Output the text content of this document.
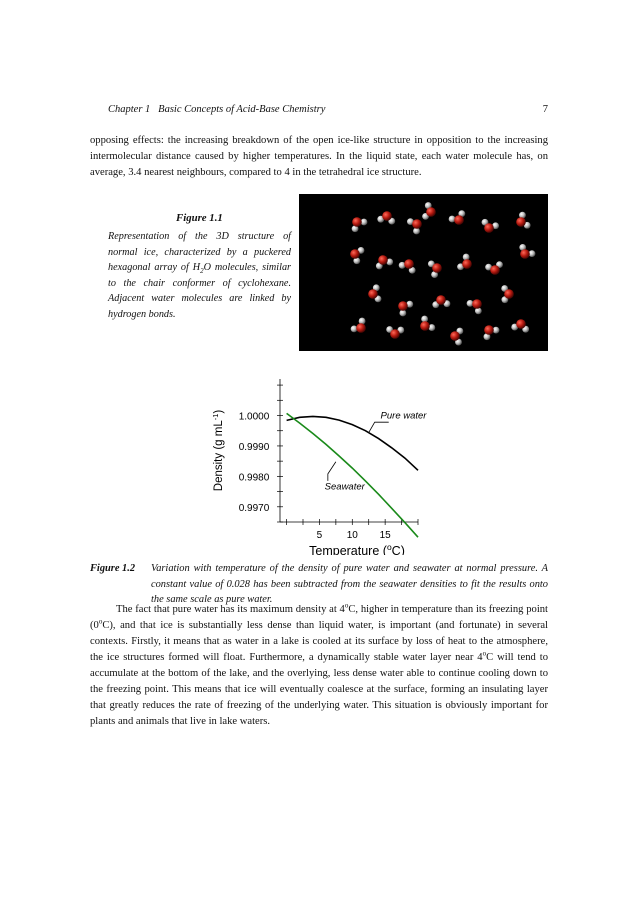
Chapter 1   Basic Concepts of Acid-Base Chemistry	7
opposing effects: the increasing breakdown of the open ice-like structure in opposition to the increasing intermolecular distance caused by higher temperatures. In the liquid state, each water molecule has, on average, 3.4 nearest neighbours, compared to 4 in the tetrahedral ice structure.
Figure 1.1
Representation of the 3D structure of normal ice, characterized by a puckered hexagonal array of $H_2O$ molecules, similar to the chair conformer of cyclohexane. Adjacent water molecules are linked by hydrogen bonds.
0.9970
0.9980
0.9990
1.0000
5 10 15
Pure water
Seawater
Temperature ($^o$C)
Density (g $mL^{-1}$)
Figure 1.2 Variation with temperature of the density of pure water and seawater at normal pressure. A constant value of 0.028 has been subtracted from the seawater densities to fit the results onto the same scale as pure water.
The fact that pure water has its maximum density at 4$^o$C, higher in temperature than its freezing point (0$^o$C), and that ice is substantially less dense than liquid water, is important (and fortunate) in several contexts. Firstly, it means that as water in a lake is cooled at its surface by loss of heat to the atmosphere, the ice structures formed will float. Furthermore, a dynamically stable water layer near 4$^o$C will tend to accumulate at the bottom of the lake, and the overlying, less dense water able to continue cooling down to the freezing point. This means that ice will eventually coalesce at the surface, forming an insulating layer that greatly reduces the rate of freezing of the underlying water. This situation is obviously important for plants and animals that live in lake waters.
